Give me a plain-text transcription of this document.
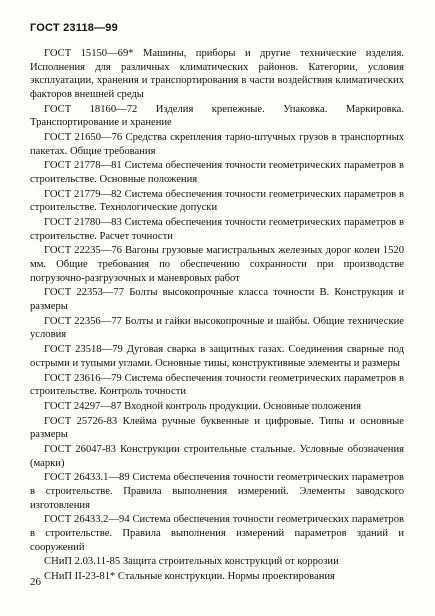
ГОСТ 23118—99

ГОСТ 15150—69* Машины, приборы и другие технические изделия. Исполнения для различных климатических районов. Категории, условия эксплуатации, хранения и транспортирования в части воздействия климатических факторов внешней среды

ГОСТ 18160—72 Изделия крепежные. Упаковка. Маркировка. Транспортирование и хранение

ГОСТ 21650—76 Средства скрепления тарно-штучных грузов в транспортных пакетах. Общие требования

ГОСТ 21778—81 Система обеспечения точности геометрических параметров в строительстве. Основные положения

ГОСТ 21779—82 Система обеспечения точности геометрических параметров в строительстве. Технологические допуски

ГОСТ 21780—83 Система обеспечения точности геометрических параметров в строительстве. Расчет точности

ГОСТ 22235—76 Вагоны грузовые магистральных железных дорог колеи 1520 мм. Общие требования по обеспечению сохранности при производстве погрузочно-разгрузочных и маневровых работ

ГОСТ 22353—77 Болты высокопрочные класса точности В. Конструкция и размеры

ГОСТ 22356—77 Болты и гайки высокопрочные и шайбы. Общие технические условия

ГОСТ 23518—79 Дуговая сварка в защитных газах. Соединения сварные под острыми и тупыми углами. Основные типы, конструктивные элементы и размеры

ГОСТ 23616—79 Система обеспечения точности геометрических параметров в строительстве. Контроль точности

ГОСТ 24297—87 Входной контроль продукции. Основные положения

ГОСТ 25726-83 Клейма ручные буквенные и цифровые. Типы и основные размеры

ГОСТ 26047-83 Конструкции строительные стальные. Условные обозначения (марки)

ГОСТ 26433.1—89 Система обеспечения точности геометрических параметров в строительстве. Правила выполнения измерений. Элементы заводского изготовления

ГОСТ 26433.2—94 Система обеспечения точности геометрических параметров в строительстве. Правила выполнения измерений параметров зданий и сооружений

СНиП 2.03.11-85 Защита строительных конструкций от коррозии

СНиП II-23-81* Стальные конструкции. Нормы проектирования

26
